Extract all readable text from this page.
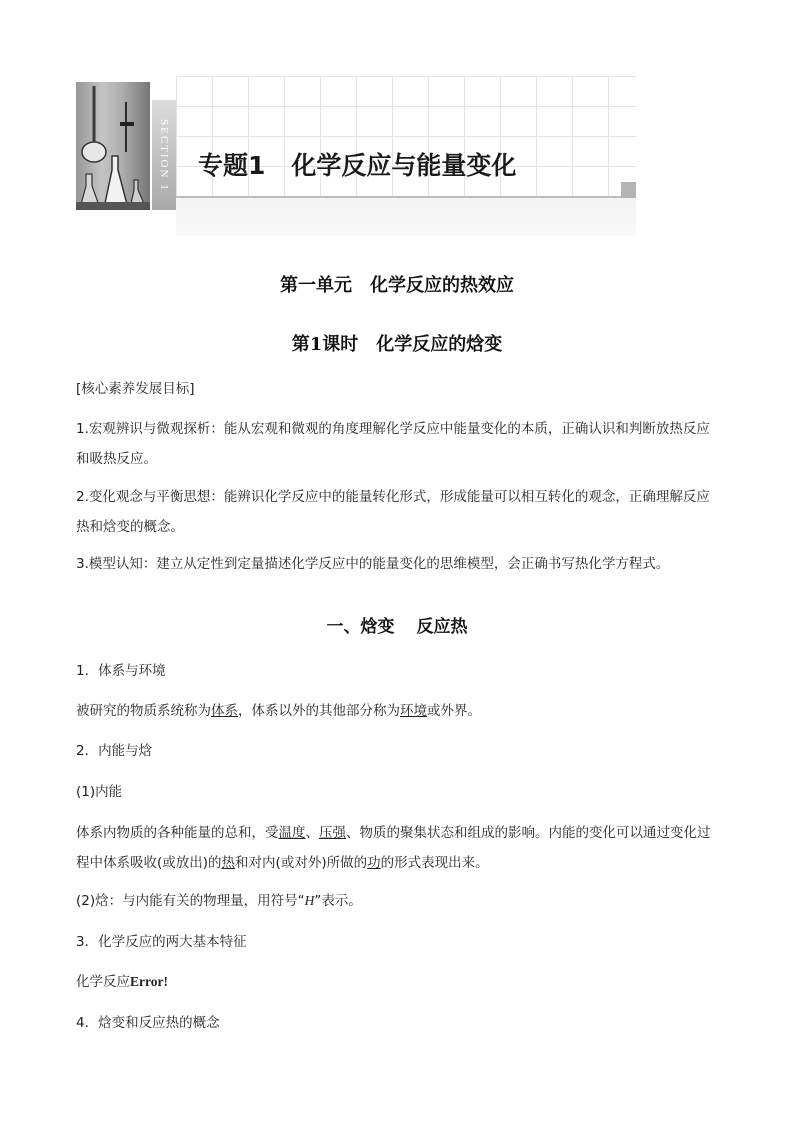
SECTION 1 专题1 化学反应与能量变化
第一单元　化学反应的热效应
第1课时　化学反应的焓变
[核心素养发展目标]
1.宏观辨识与微观探析：能从宏观和微观的角度理解化学反应中能量变化的本质，正确认识和判断放热反应和吸热反应。
2.变化观念与平衡思想：能辨识化学反应中的能量转化形式，形成能量可以相互转化的观念，正确理解反应热和焓变的概念。
3.模型认知：建立从定性到定量描述化学反应中的能量变化的思维模型，会正确书写热化学方程式。
一、焓变 反应热
1．体系与环境
被研究的物质系统称为体系，体系以外的其他部分称为环境或外界。
2．内能与焓
(1)内能
体系内物质的各种能量的总和，受温度、压强、物质的聚集状态和组成的影响。内能的变化可以通过变化过程中体系吸收(或放出)的热和对内(或对外)所做的功的形式表现出来。
(2)焓：与内能有关的物理量，用符号“H”表示。
3．化学反应的两大基本特征
化学反应Error!
4．焓变和反应热的概念
